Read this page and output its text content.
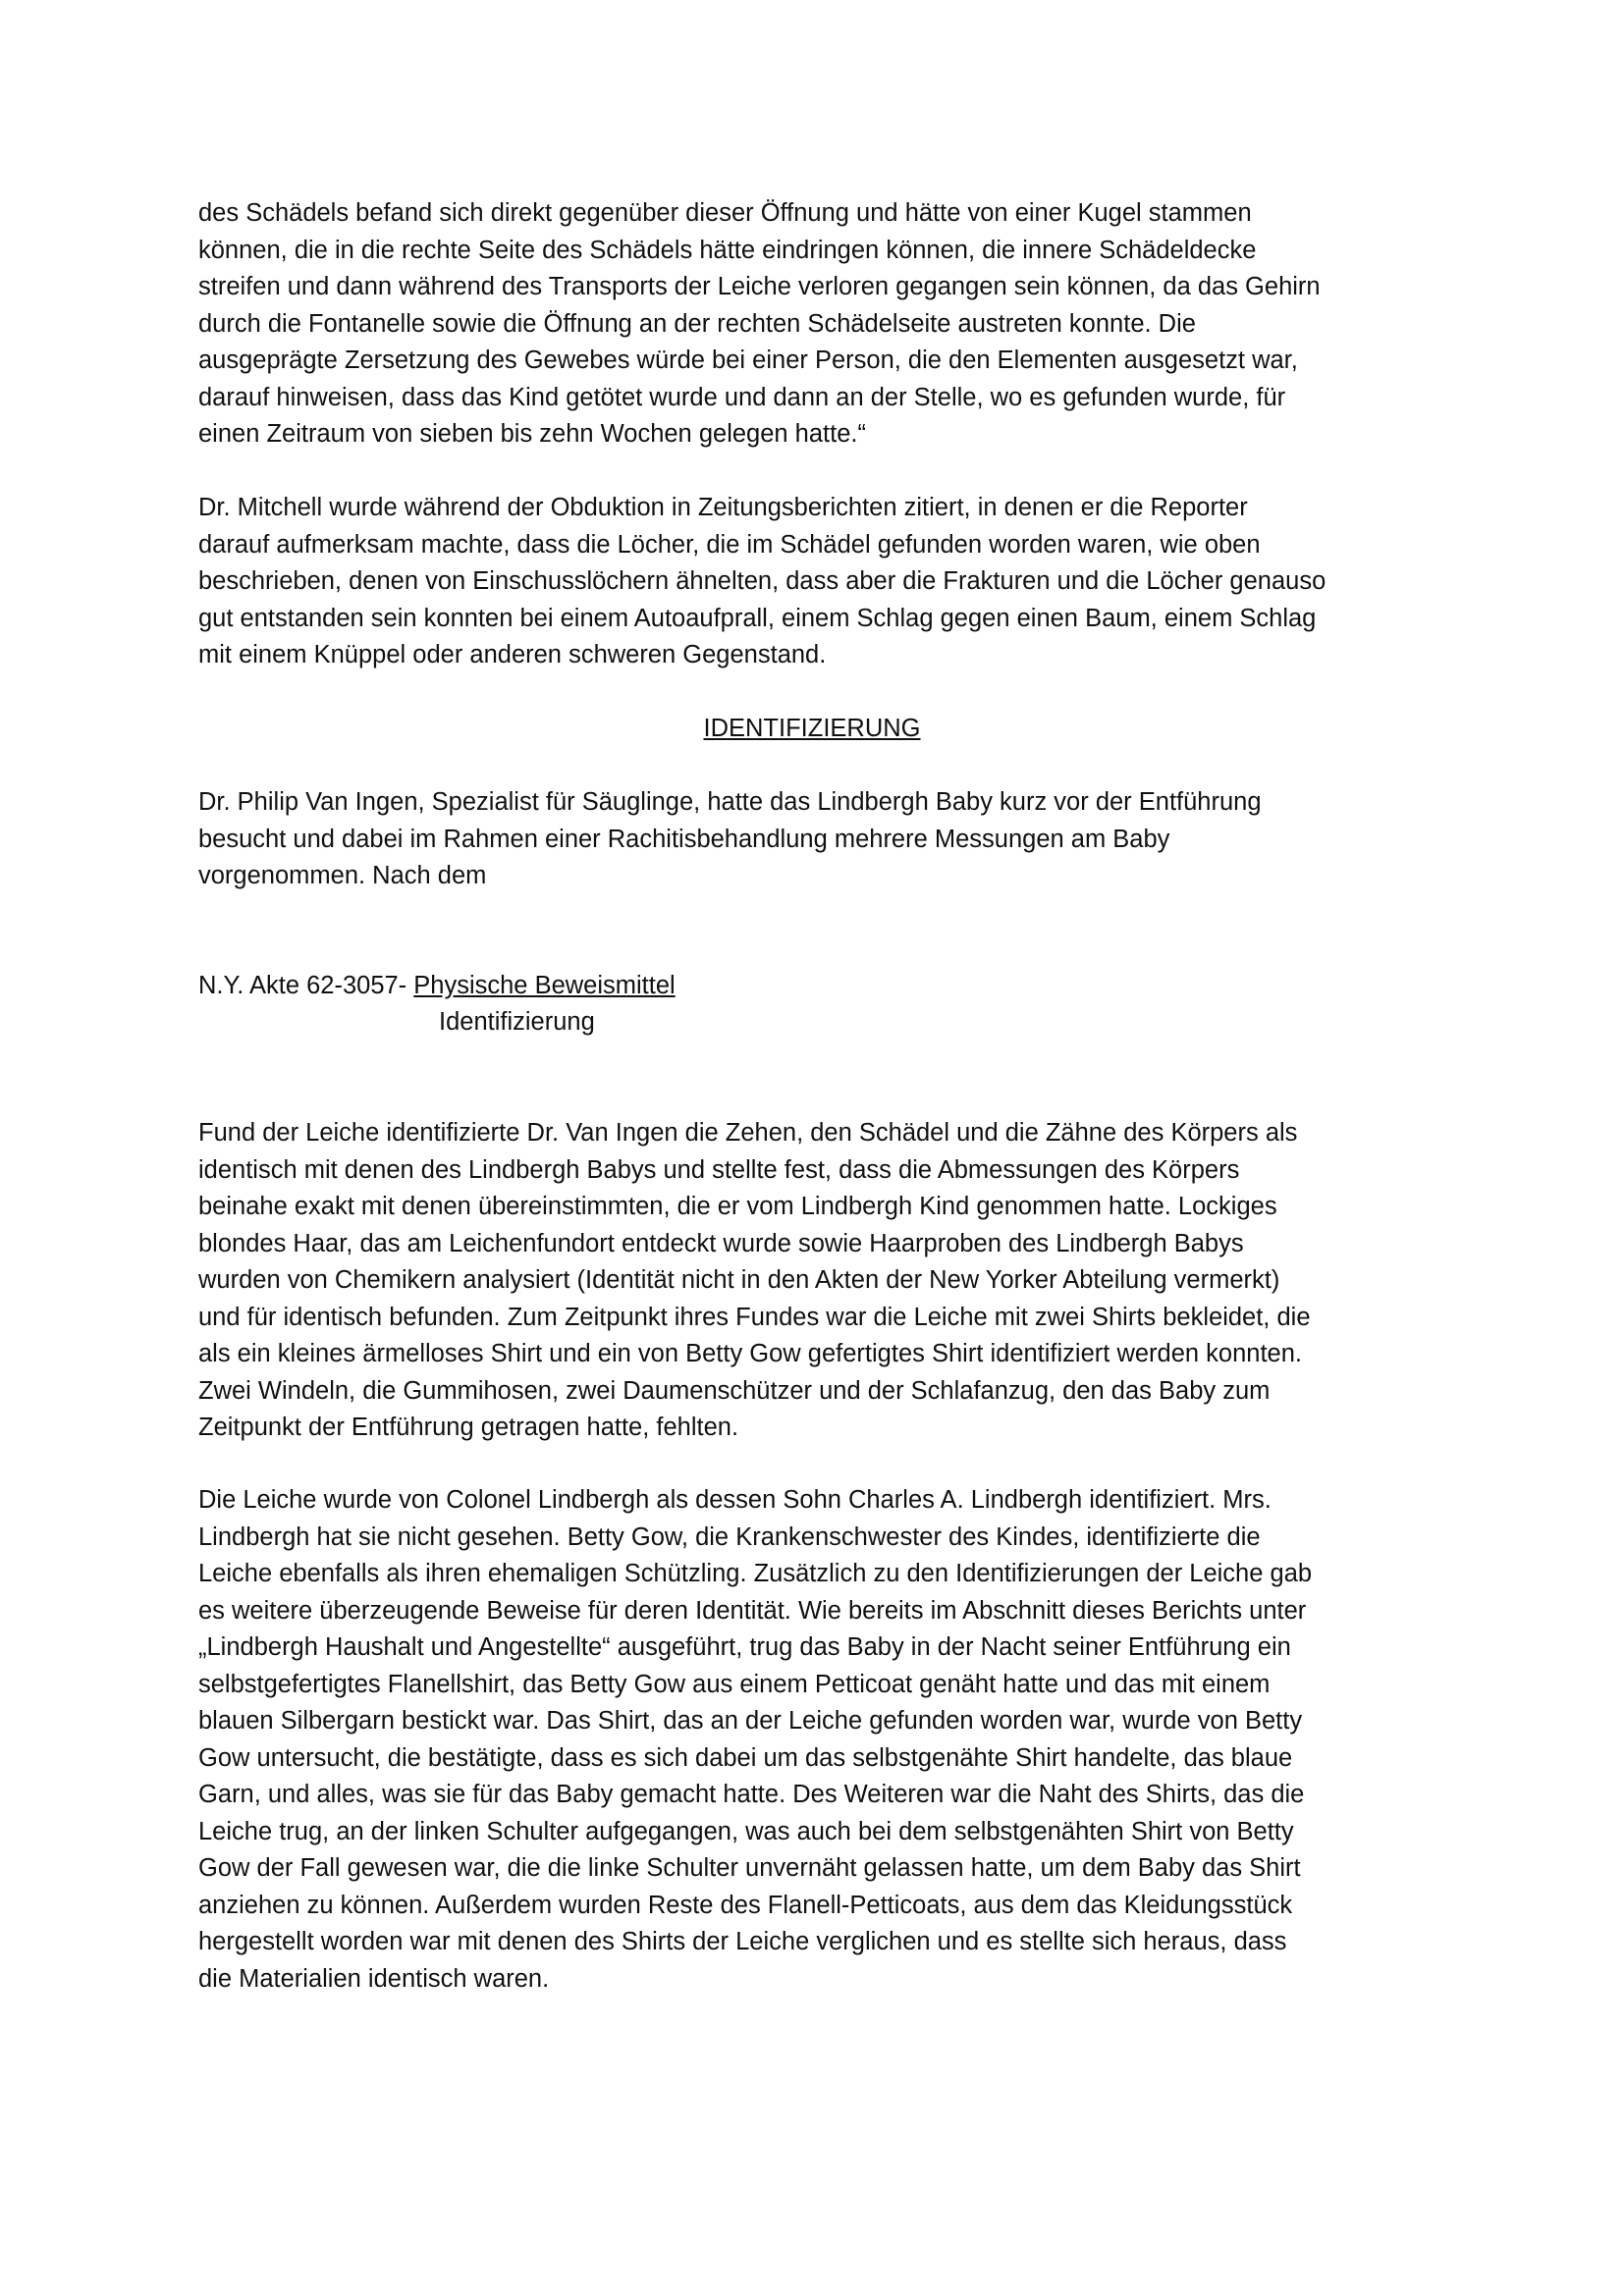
des Schädels befand sich direkt gegenüber dieser Öffnung und hätte von einer Kugel stammen
können, die in die rechte Seite des Schädels hätte eindringen können, die innere Schädeldecke
streifen und dann während des Transports der Leiche verloren gegangen sein können, da das Gehirn
durch die Fontanelle sowie die Öffnung an der rechten Schädelseite austreten konnte. Die
ausgeprägte Zersetzung des Gewebes würde bei einer Person, die den Elementen ausgesetzt war,
darauf hinweisen, dass das Kind getötet wurde und dann an der Stelle, wo es gefunden wurde, für
einen Zeitraum von sieben bis zehn Wochen gelegen hatte.“
Dr. Mitchell wurde während der Obduktion in Zeitungsberichten zitiert, in denen er die Reporter
darauf aufmerksam machte, dass die Löcher, die im Schädel gefunden worden waren, wie oben
beschrieben, denen von Einschusslöchern ähnelten, dass aber die Frakturen und die Löcher genauso
gut entstanden sein konnten bei einem Autoaufprall, einem Schlag gegen einen Baum, einem Schlag
mit einem Knüppel oder anderen schweren Gegenstand.
IDENTIFIZIERUNG
Dr. Philip Van Ingen, Spezialist für Säuglinge, hatte das Lindbergh Baby kurz vor der Entführung
besucht und dabei im Rahmen einer Rachitisbehandlung mehrere Messungen am Baby
vorgenommen. Nach dem
N.Y. Akte 62-3057- Physische Beweismittel
Identifizierung
Fund der Leiche identifizierte Dr. Van Ingen die Zehen, den Schädel und die Zähne des Körpers als
identisch mit denen des Lindbergh Babys und stellte fest, dass die Abmessungen des Körpers
beinahe exakt mit denen übereinstimmten, die er vom Lindbergh Kind genommen hatte. Lockiges
blondes Haar, das am Leichenfundort entdeckt wurde sowie Haarproben des Lindbergh Babys
wurden von Chemikern analysiert (Identität nicht in den Akten der New Yorker Abteilung vermerkt)
und für identisch befunden. Zum Zeitpunkt ihres Fundes war die Leiche mit zwei Shirts bekleidet, die
als ein kleines ärmelloses Shirt und ein von Betty Gow gefertigtes Shirt identifiziert werden konnten.
Zwei Windeln, die Gummihosen, zwei Daumenschützer und der Schlafanzug, den das Baby zum
Zeitpunkt der Entführung getragen hatte, fehlten.
Die Leiche wurde von Colonel Lindbergh als dessen Sohn Charles A. Lindbergh identifiziert. Mrs.
Lindbergh hat sie nicht gesehen. Betty Gow, die Krankenschwester des Kindes, identifizierte die
Leiche ebenfalls als ihren ehemaligen Schützling. Zusätzlich zu den Identifizierungen der Leiche gab
es weitere überzeugende Beweise für deren Identität. Wie bereits im Abschnitt dieses Berichts unter
„Lindbergh Haushalt und Angestellte“ ausgeführt, trug das Baby in der Nacht seiner Entführung ein
selbstgefertigtes Flanellshirt, das Betty Gow aus einem Petticoat genäht hatte und das mit einem
blauen Silbergarn bestickt war. Das Shirt, das an der Leiche gefunden worden war, wurde von Betty
Gow untersucht, die bestätigte, dass es sich dabei um das selbstgenähte Shirt handelte, das blaue
Garn, und alles, was sie für das Baby gemacht hatte. Des Weiteren war die Naht des Shirts, das die
Leiche trug, an der linken Schulter aufgegangen, was auch bei dem selbstgenähten Shirt von Betty
Gow der Fall gewesen war, die die linke Schulter unvernäht gelassen hatte, um dem Baby das Shirt
anziehen zu können. Außerdem wurden Reste des Flanell-Petticoats, aus dem das Kleidungsstück
hergestellt worden war mit denen des Shirts der Leiche verglichen und es stellte sich heraus, dass
die Materialien identisch waren.
